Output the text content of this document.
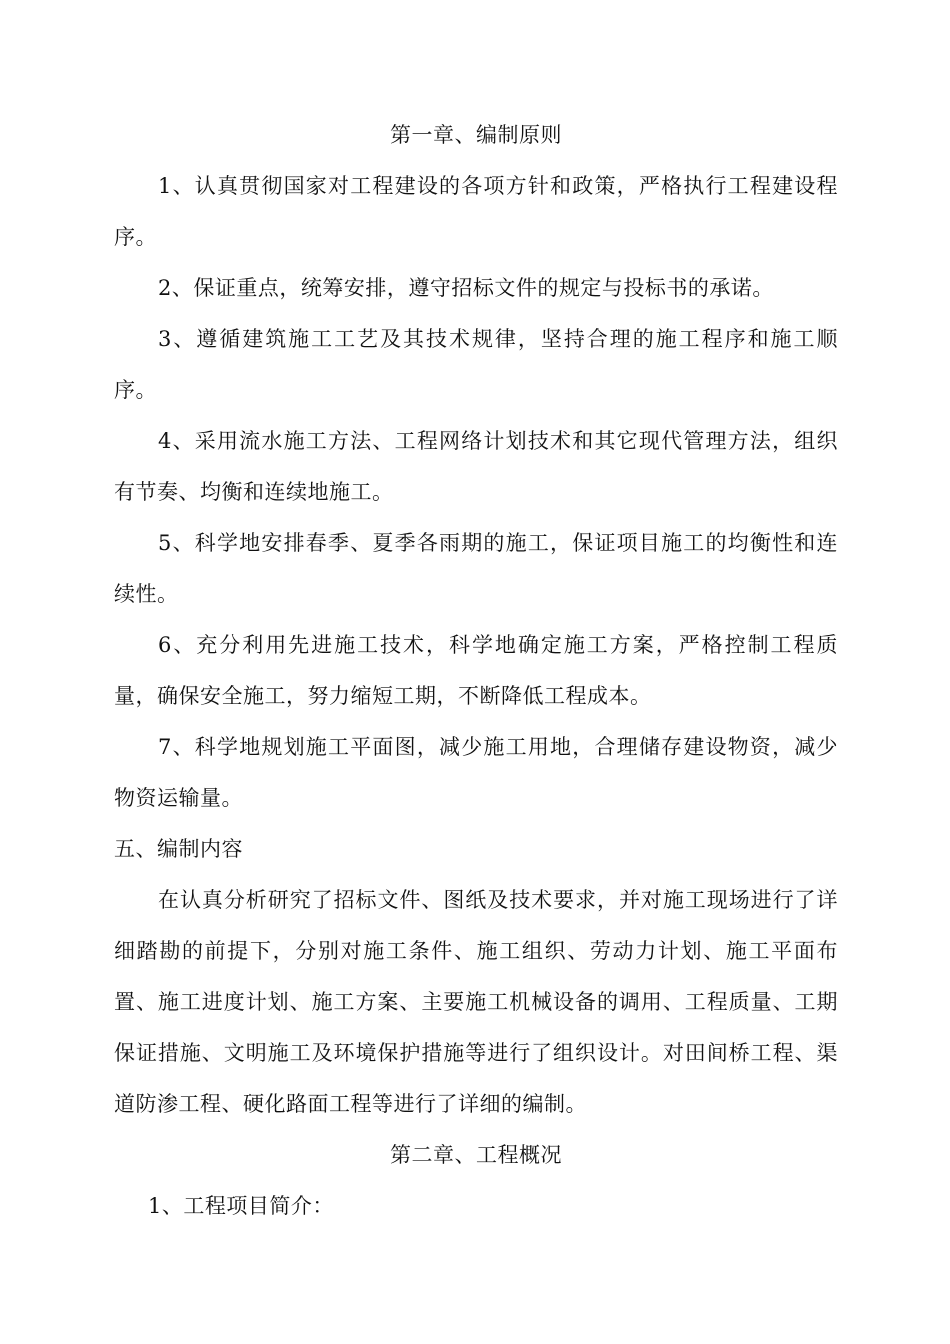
第一章、编制原则

1、认真贯彻国家对工程建设的各项方针和政策，严格执行工程建设程序。

2、保证重点，统筹安排，遵守招标文件的规定与投标书的承诺。

3、遵循建筑施工工艺及其技术规律，坚持合理的施工程序和施工顺序。

4、采用流水施工方法、工程网络计划技术和其它现代管理方法，组织有节奏、均衡和连续地施工。

5、科学地安排春季、夏季各雨期的施工，保证项目施工的均衡性和连续性。

6、充分利用先进施工技术，科学地确定施工方案，严格控制工程质量，确保安全施工，努力缩短工期，不断降低工程成本。

7、科学地规划施工平面图，减少施工用地，合理储存建设物资，减少物资运输量。

五、编制内容

在认真分析研究了招标文件、图纸及技术要求，并对施工现场进行了详细踏勘的前提下，分别对施工条件、施工组织、劳动力计划、施工平面布置、施工进度计划、施工方案、主要施工机械设备的调用、工程质量、工期保证措施、文明施工及环境保护措施等进行了组织设计。对田间桥工程、渠道防渗工程、硬化路面工程等进行了详细的编制。

第二章、工程概况

1、工程项目简介：
